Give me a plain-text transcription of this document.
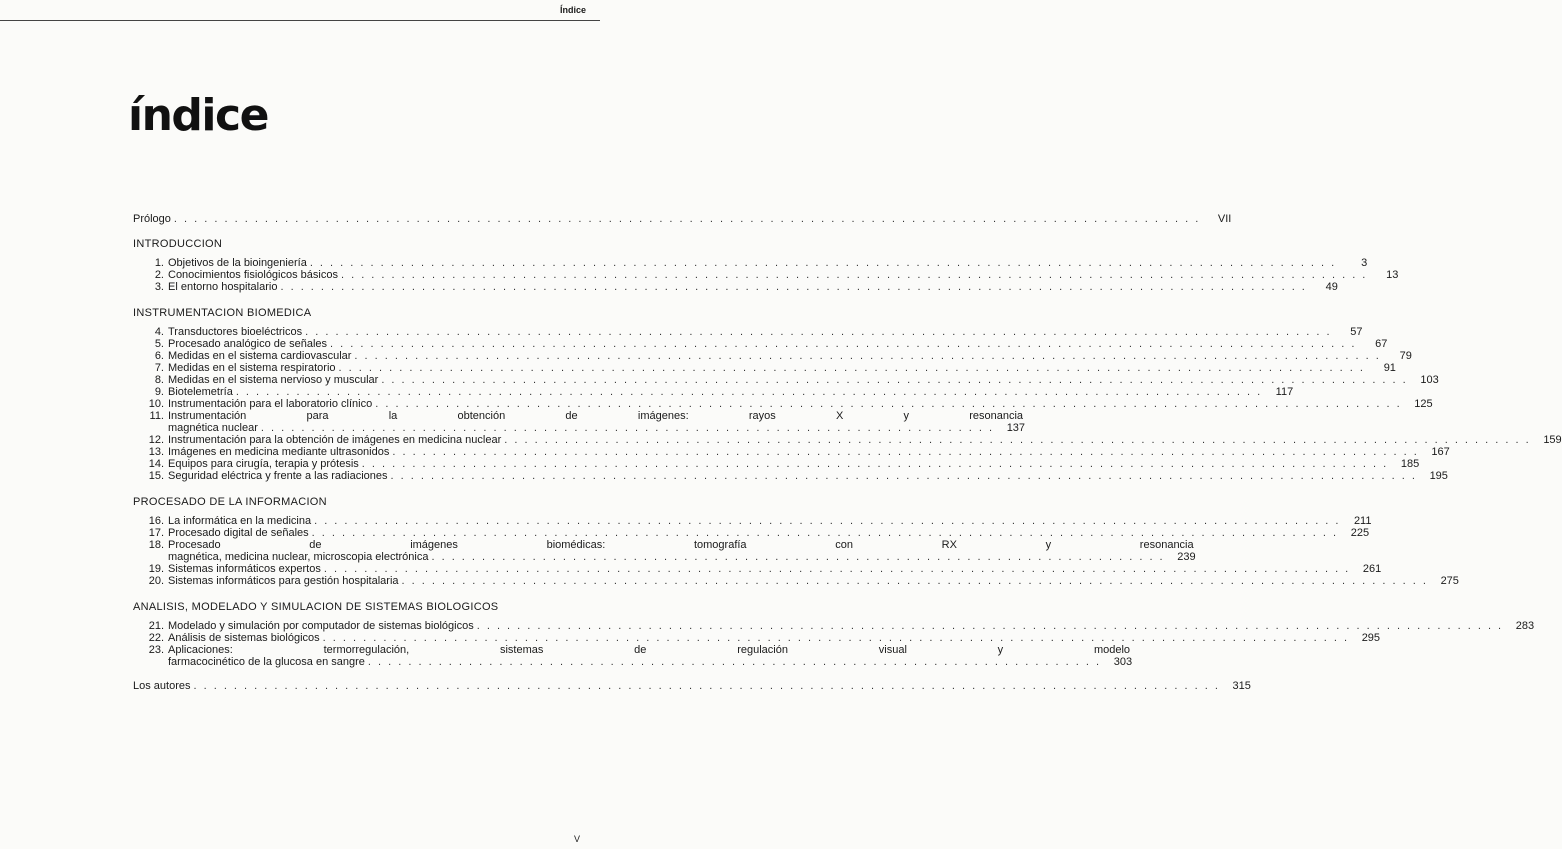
Índice
índice
Prólogo . . .	VII
INTRODUCCION
1. Objetivos de la bioingeniería . . .	3
2. Conocimientos fisiológicos básicos . . .	13
3. El entorno hospitalario . . .	49
INSTRUMENTACION BIOMEDICA
4. Transductores bioeléctricos . . .	57
5. Procesado analógico de señales . . .	67
6. Medidas en el sistema cardiovascular . . .	79
7. Medidas en el sistema respiratorio . . .	91
8. Medidas en el sistema nervioso y muscular . . .	103
9. Biotelemetría . . .	117
10. Instrumentación para el laboratorio clínico . . .	125
11. Instrumentación para la obtención de imágenes: rayos X y resonancia
magnética nuclear . . .	137
12. Instrumentación para la obtención de imágenes en medicina nuclear . . .	159
13. Imágenes en medicina mediante ultrasonidos . . .	167
14. Equipos para cirugía, terapia y prótesis . . .	185
15. Seguridad eléctrica y frente a las radiaciones . . .	195
PROCESADO DE LA INFORMACION
16. La informática en la medicina . . .	211
17. Procesado digital de señales . . .	225
18. Procesado de imágenes biomédicas: tomografía con RX y resonancia
magnética, medicina nuclear, microscopia electrónica . . .	239
19. Sistemas informáticos expertos . . .	261
20. Sistemas informáticos para gestión hospitalaria . . .	275
ANALISIS, MODELADO Y SIMULACION DE SISTEMAS BIOLOGICOS
21. Modelado y simulación por computador de sistemas biológicos . . .	283
22. Análisis de sistemas biológicos . . .	295
23. Aplicaciones: termorregulación, sistemas de regulación visual y modelo
farmacocinético de la glucosa en sangre . . .	303
Los autores . . .	315
V
